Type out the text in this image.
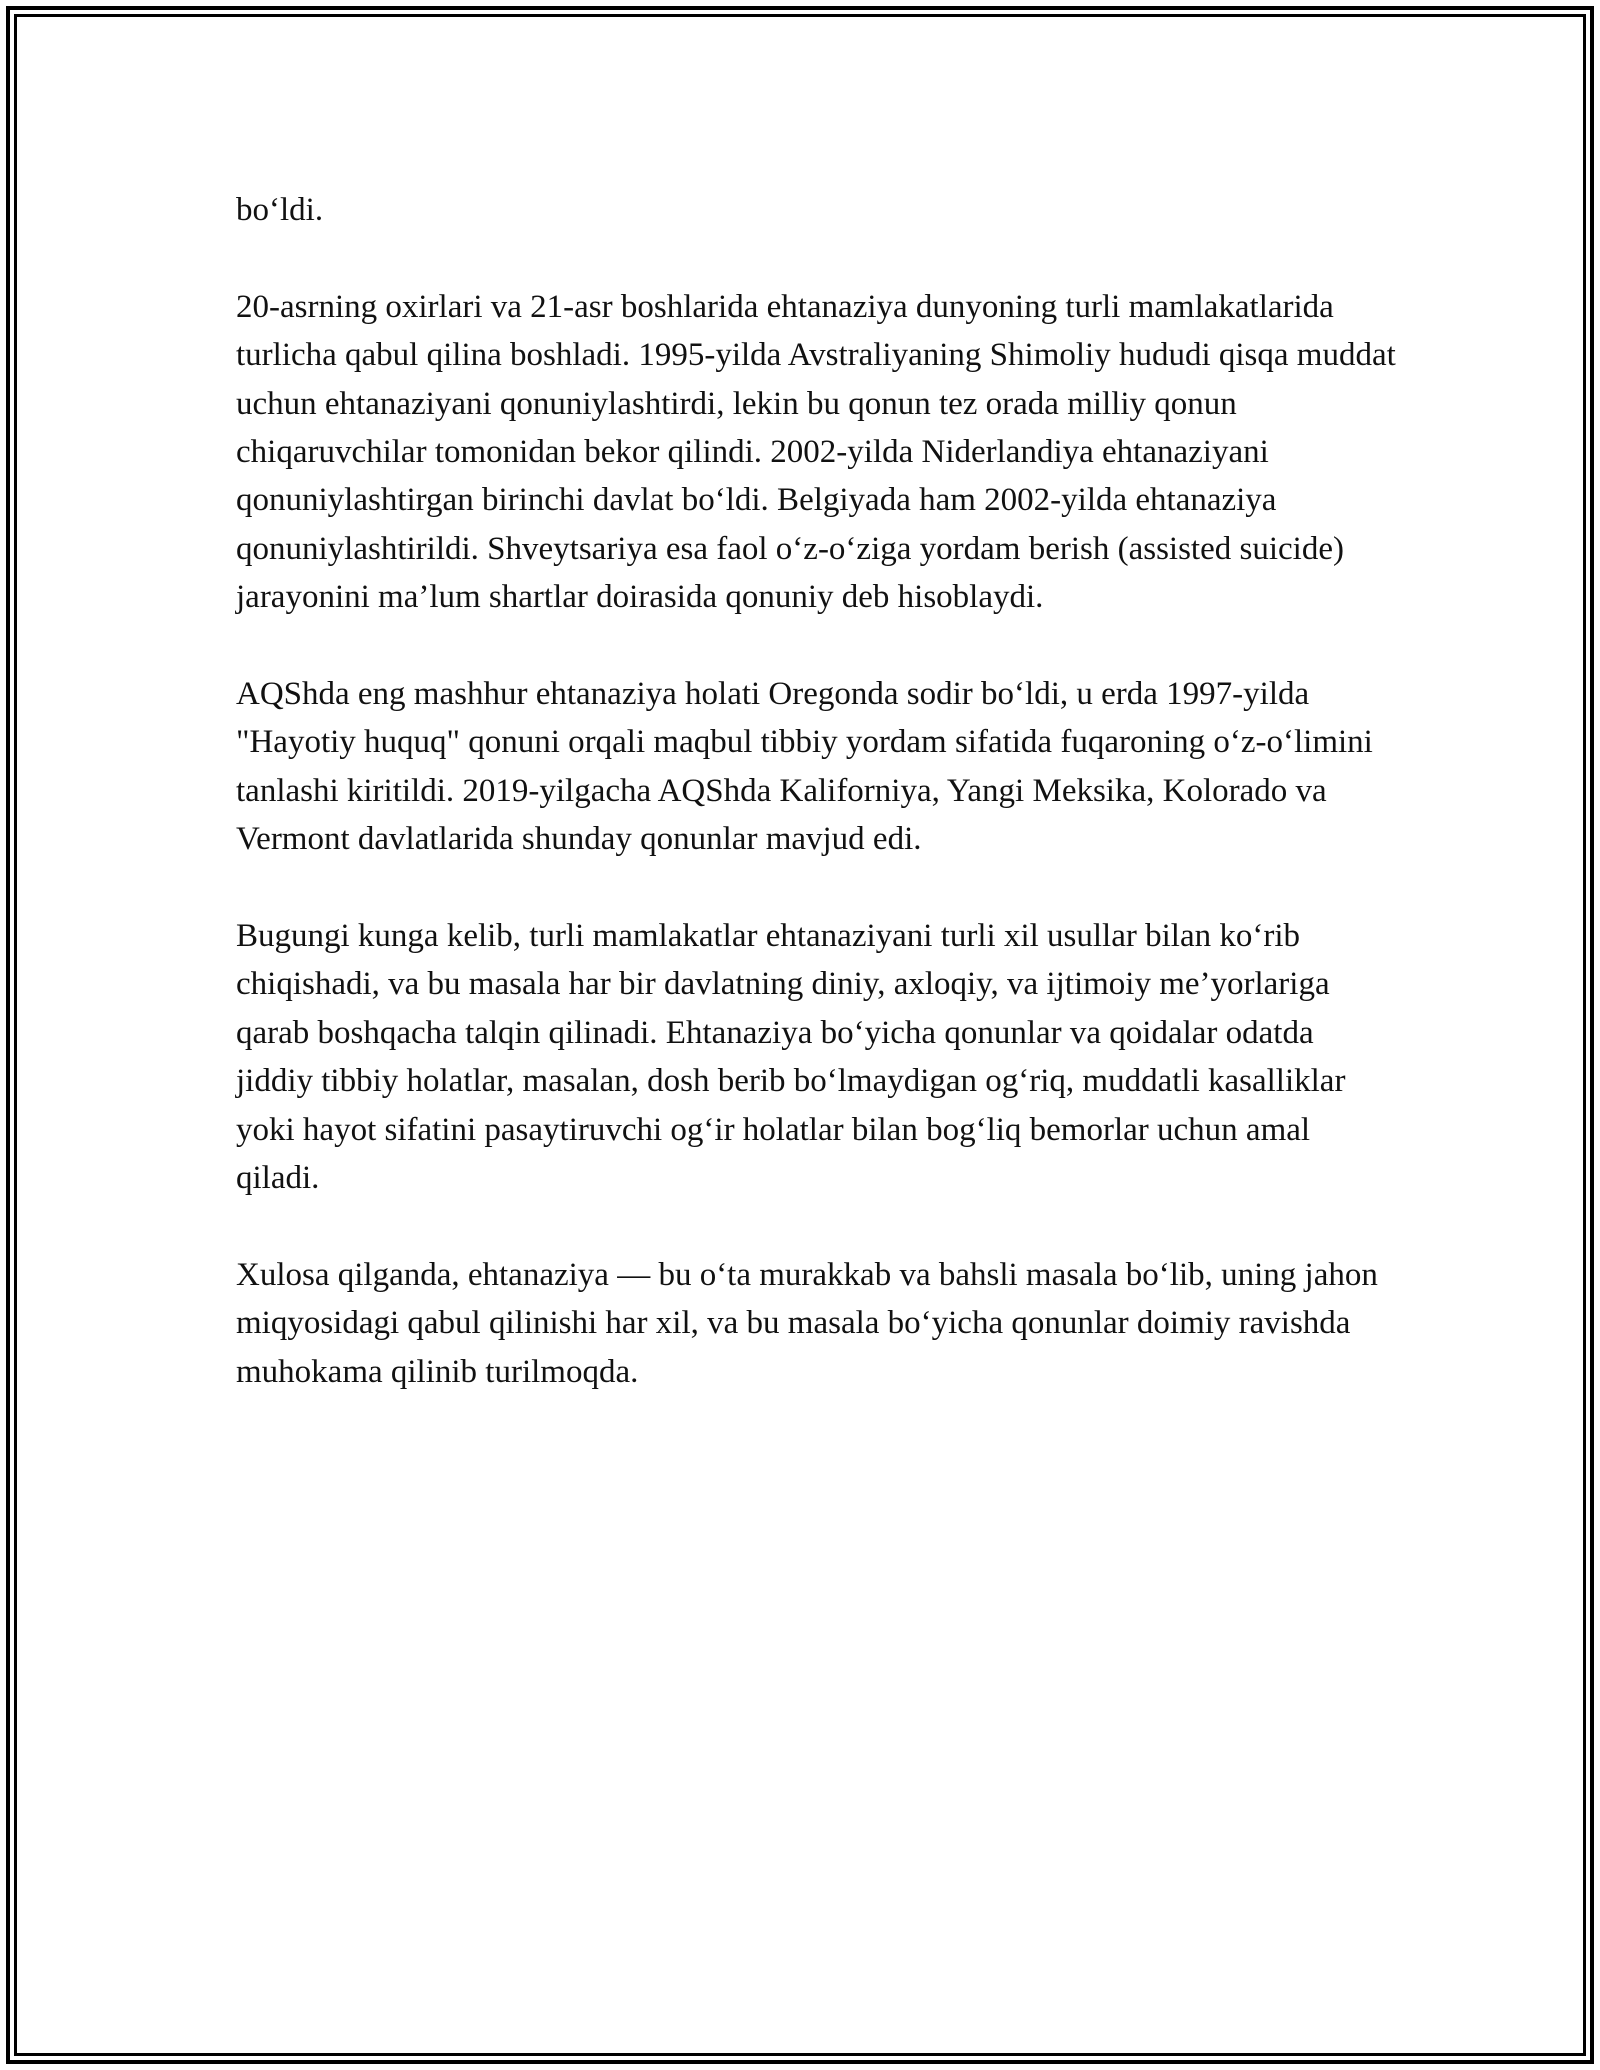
bo‘ldi.

20-asrning oxirlari va 21-asr boshlarida ehtanaziya dunyoning turli mamlakatlarida turlicha qabul qilina boshladi. 1995-yilda Avstraliyaning Shimoliy hududi qisqa muddat uchun ehtanaziyani qonuniylashtirdi, lekin bu qonun tez orada milliy qonun chiqaruvchilar tomonidan bekor qilindi. 2002-yilda Niderlandiya ehtanaziyani qonuniylashtirgan birinchi davlat bo‘ldi. Belgiyada ham 2002-yilda ehtanaziya qonuniylashtirildi. Shveytsariya esa faol o‘z-o‘ziga yordam berish (assisted suicide) jarayonini ma’lum shartlar doirasida qonuniy deb hisoblaydi.

AQShda eng mashhur ehtanaziya holati Oregonda sodir bo‘ldi, u erda 1997-yilda "Hayotiy huquq" qonuni orqali maqbul tibbiy yordam sifatida fuqaroning o‘z-o‘limini tanlashi kiritildi. 2019-yilgacha AQShda Kaliforniya, Yangi Meksika, Kolorado va Vermont davlatlarida shunday qonunlar mavjud edi.

Bugungi kunga kelib, turli mamlakatlar ehtanaziyani turli xil usullar bilan ko‘rib chiqishadi, va bu masala har bir davlatning diniy, axloqiy, va ijtimoiy me’yorlariga qarab boshqacha talqin qilinadi. Ehtanaziya bo‘yicha qonunlar va qoidalar odatda jiddiy tibbiy holatlar, masalan, dosh berib bo‘lmaydigan og‘riq, muddatli kasalliklar yoki hayot sifatini pasaytiruvchi og‘ir holatlar bilan bog‘liq bemorlar uchun amal qiladi.

Xulosa qilganda, ehtanaziya — bu o‘ta murakkab va bahsli masala bo‘lib, uning jahon miqyosidagi qabul qilinishi har xil, va bu masala bo‘yicha qonunlar doimiy ravishda muhokama qilinib turilmoqda.
